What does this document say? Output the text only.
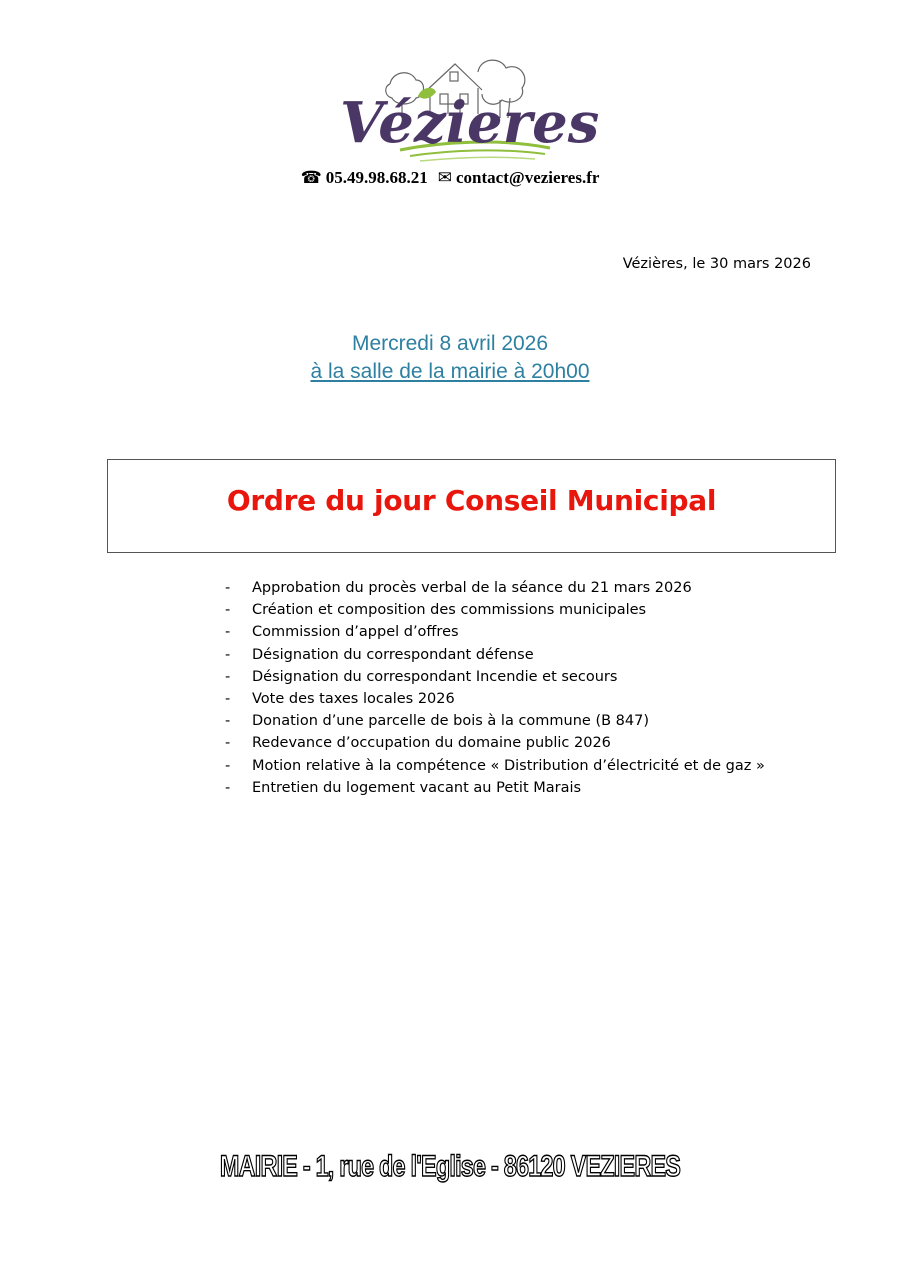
Vézieres
☎ 05.49.98.68.21 ✉ contact@vezieres.fr
Vézières, le 30 mars 2026
Mercredi 8 avril 2026
à la salle de la mairie à 20h00
Ordre du jour Conseil Municipal
- Approbation du procès verbal de la séance du 21 mars 2026
- Création et composition des commissions municipales
- Commission d’appel d’offres
- Désignation du correspondant défense
- Désignation du correspondant Incendie et secours
- Vote des taxes locales 2026
- Donation d’une parcelle de bois à la commune (B 847)
- Redevance d’occupation du domaine public 2026
- Motion relative à la compétence « Distribution d’électricité et de gaz »
- Entretien du logement vacant au Petit Marais
MAIRIE - 1, rue de l'Eglise - 86120 VEZIERES
